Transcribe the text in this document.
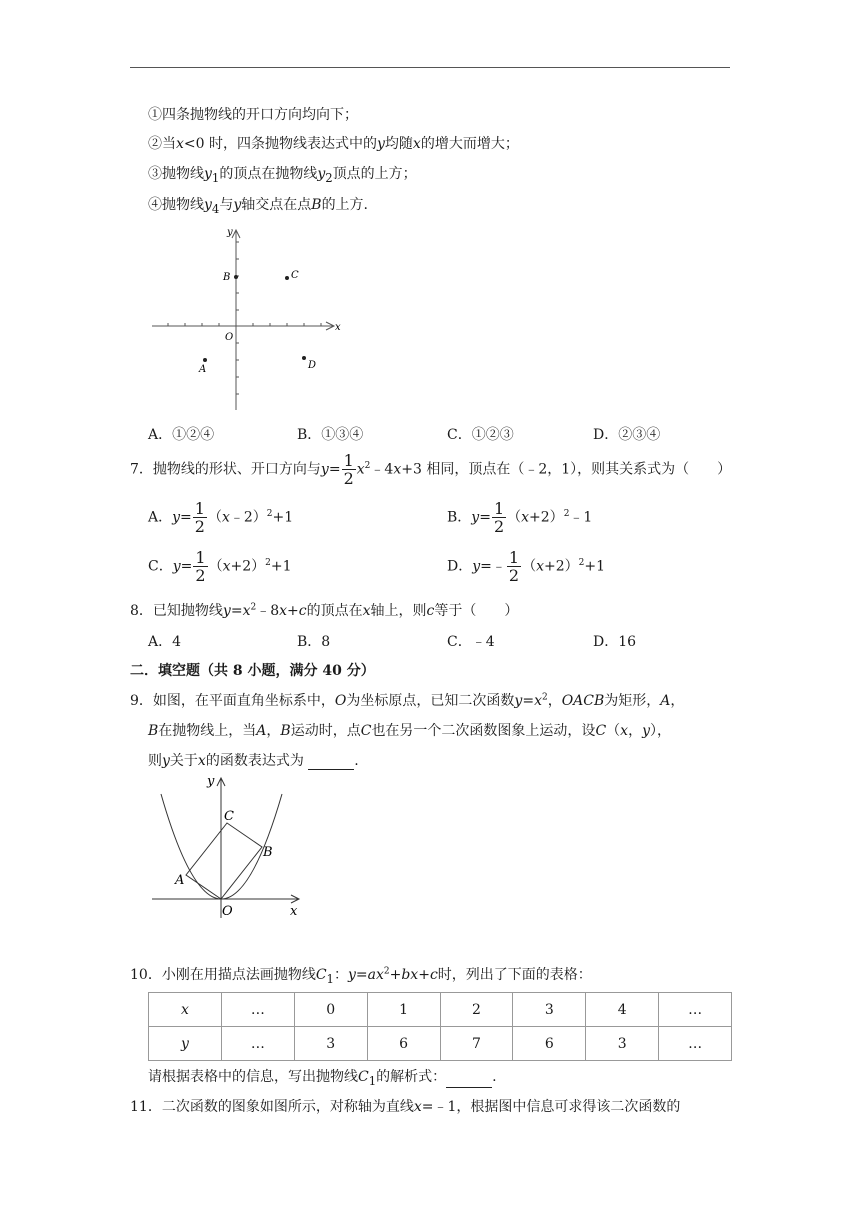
①四条抛物线的开口方向均向下；
②当x<0 时，四条抛物线表达式中的y均随x的增大而增大；
③抛物线$y_1$的顶点在抛物线$y_2$顶点的上方；
④抛物线$y_4$与y轴交点在点B的上方.
y
x
O
B	C
A	D
A．①②④	B．①③④	C．①②③	D．②③④
7．抛物线的形状、开口方向与$y= \frac{1}{2}$ $x^2﹣4x+3$ 相同，顶点在（﹣2，1），则其关系式为（　　）
A．$y= \frac{1}{2}$ （x﹣2）$^2$+1	B．$y= \frac{1}{2}$ $(x+2)^2﹣1$
C．$y= \frac{1}{2} (x+2)^2+1$	D．y=﹣ $\frac{1}{2} (x+2)^2+1$
8．已知抛物线$y=x^2﹣8x+c$的顶点在x轴上，则c等于（　　）
A．4	B．8	C．﹣4	D．16
二．填空题（共 8 小题，满分 40 分）
9．如图，在平面直角坐标系中，O为坐标原点，已知二次函数$y=x^2$，OACB为矩形，A，
B在抛物线上，当A，B运动时，点C也在另一个二次函数图象上运动，设C（x，y），
则y关于x的函数表达式为	.
y
x
O
C
B
A
10．小刚在用描点法画抛物线$C_1$：$y=ax^2+bx+c$时，列出了下面的表格：
x	…	0	1	2	3	4	…
y	…	3	6	7	6	3	…
请根据表格中的信息，写出抛物线$C_1$的解析式：	.
11．二次函数的图象如图所示，对称轴为直线x=﹣1，根据图中信息可求得该二次函数的
